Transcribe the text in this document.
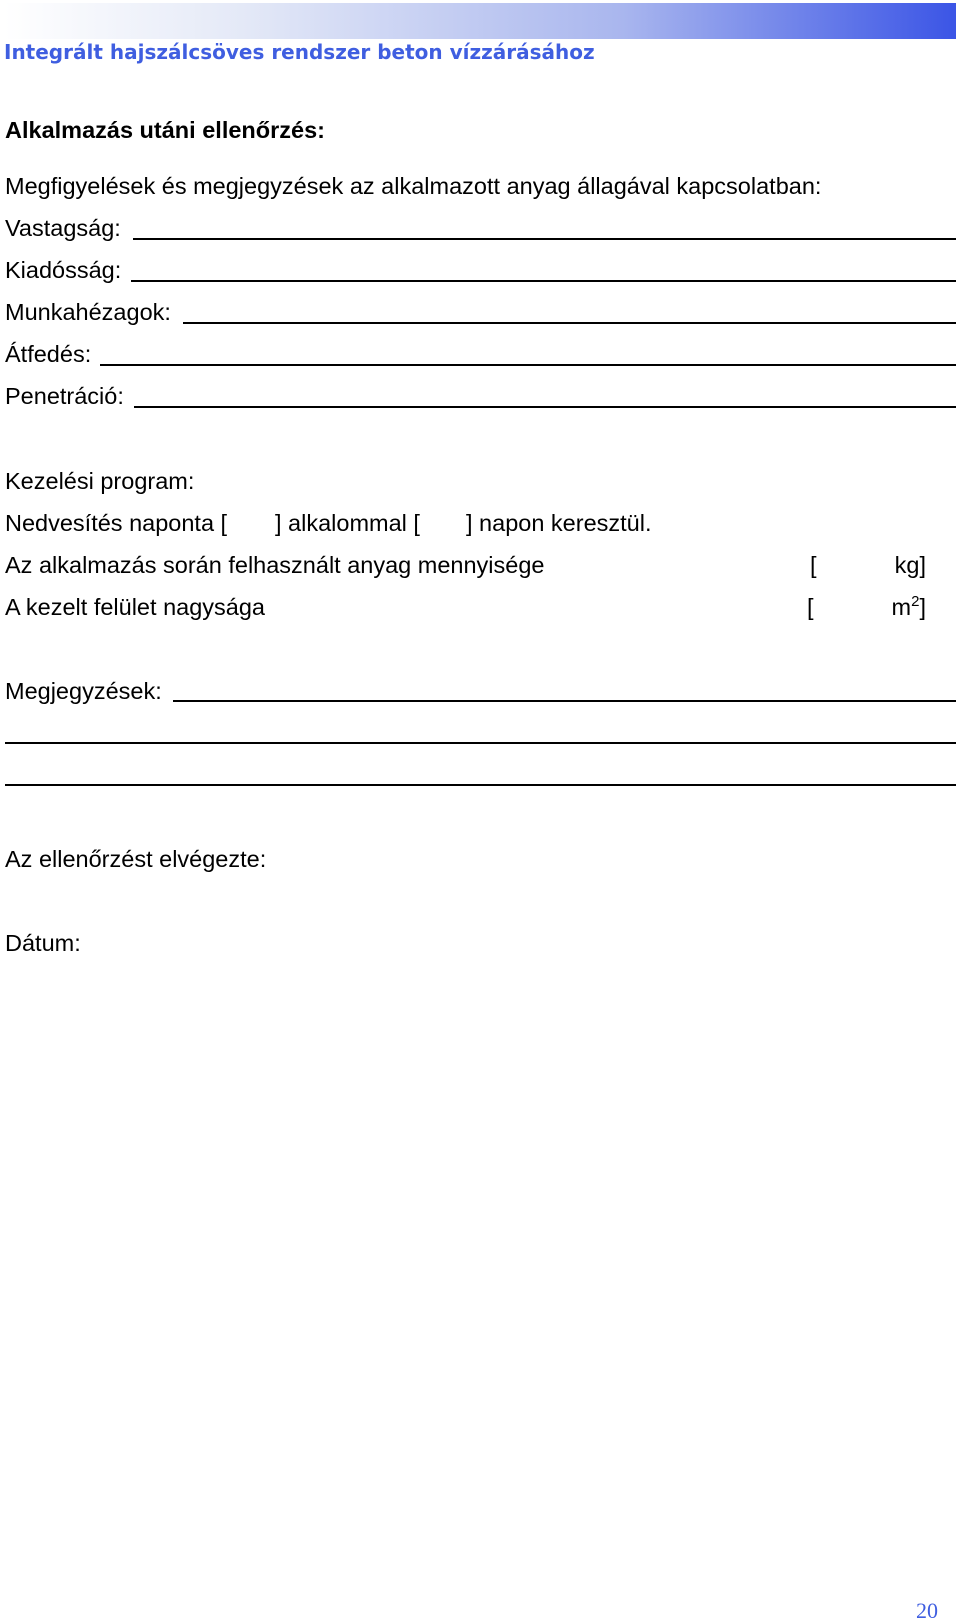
Integrált hajszálcsöves rendszer beton vízzárásához
Alkalmazás utáni ellenőrzés:
Megfigyelések és megjegyzések az alkalmazott anyag állagával kapcsolatban:
Vastagság:
Kiadósság:
Munkahézagok:
Átfedés:
Penetráció:
Kezelési program:
Nedvesítés naponta [ ] alkalommal [ ] napon keresztül.
Az alkalmazás során felhasznált anyag mennyisége	[	kg]
A kezelt felület nagysága	[	$m^2$]
Megjegyzések:
Az ellenőrzést elvégezte:
Dátum:
20
